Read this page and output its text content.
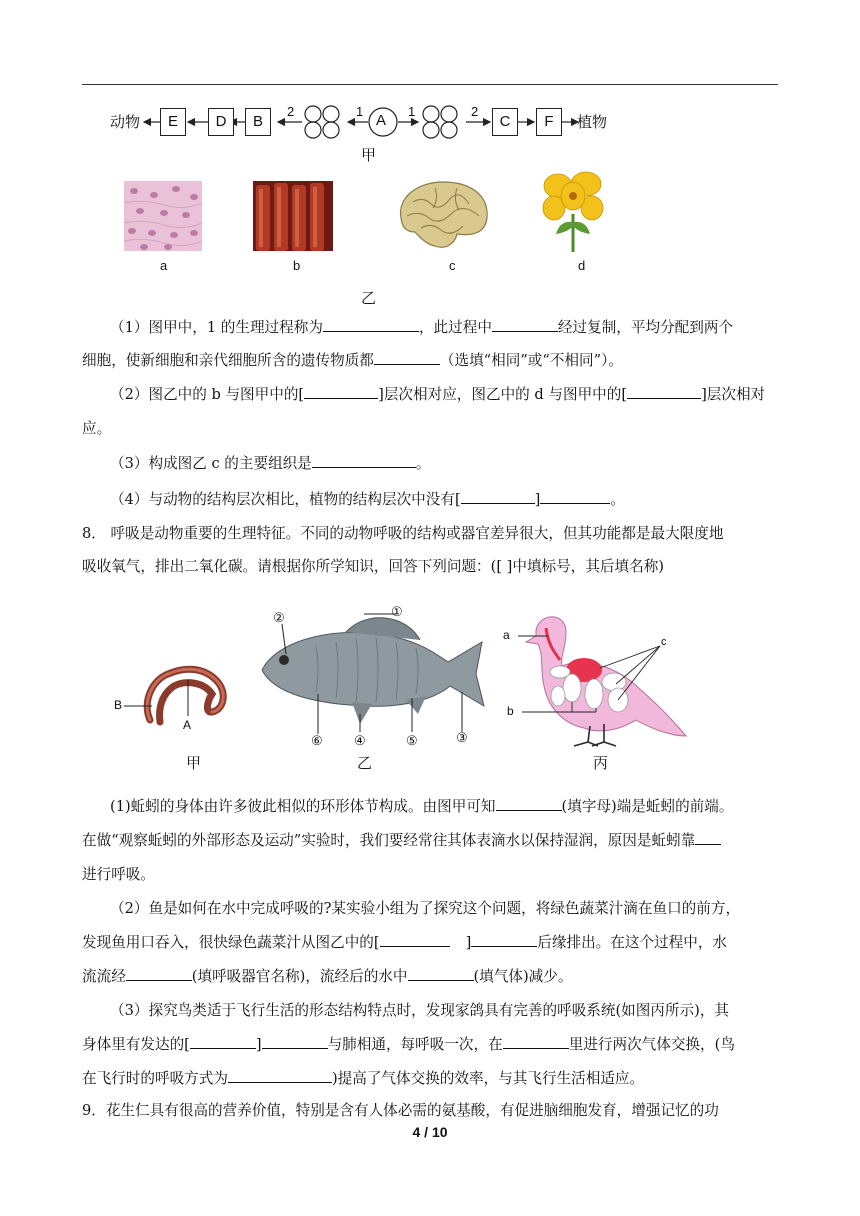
动物	植物
E	D	B	A	C	F
2	1	1	2
甲
a	b	c	d
乙
（1）图甲中，1 的生理过程称为	，此过程中	经过复制，平均分配到两个
细胞，使新细胞和亲代细胞所含的遗传物质都	（选填“相同”或“不相同”）。
（2）图乙中的 b 与图甲中的[	]层次相对应，图乙中的 d 与图甲中的[	]层次相对
应。
（3）构成图乙 c 的主要组织是	。
（4）与动物的结构层次相比，植物的结构层次中没有[	]	。
8． 呼吸是动物重要的生理特征。不同的动物呼吸的结构或器官差异很大，但其功能都是最大限度地
吸收氧气，排出二氧化碳。请根据你所学知识，回答下列问题：([ ]中填标号，其后填名称)
B
A
①
②
③
④	⑤
⑥
a
b
c
甲	乙	丙
(1)蚯蚓的身体由许多彼此相似的环形体节构成。由图甲可知	(填字母)端是蚯蚓的前端。
在做“观察蚯蚓的外部形态及运动”实验时，我们要经常往其体表滴水以保持湿润，原因是蚯蚓靠
进行呼吸。
（2）鱼是如何在水中完成呼吸的?某实验小组为了探究这个问题，将绿色蔬菜汁滴在鱼口的前方，
发现鱼用口吞入，很快绿色蔬菜汁从图乙中的[	]	后缘排出。在这个过程中，水
流流经	(填呼吸器官名称)，流经后的水中	(填气体)减少。
（3）探究鸟类适于飞行生活的形态结构特点时，发现家鸽具有完善的呼吸系统(如图丙所示)，其
身体里有发达的[	]	与肺相通，每呼吸一次，在	里进行两次气体交换，(鸟
在飞行时的呼吸方式为	)提高了气体交换的效率，与其飞行生活相适应。
9．花生仁具有很高的营养价值，特别是含有人体必需的氨基酸，有促进脑细胞发育，增强记忆的功
4 / 10
